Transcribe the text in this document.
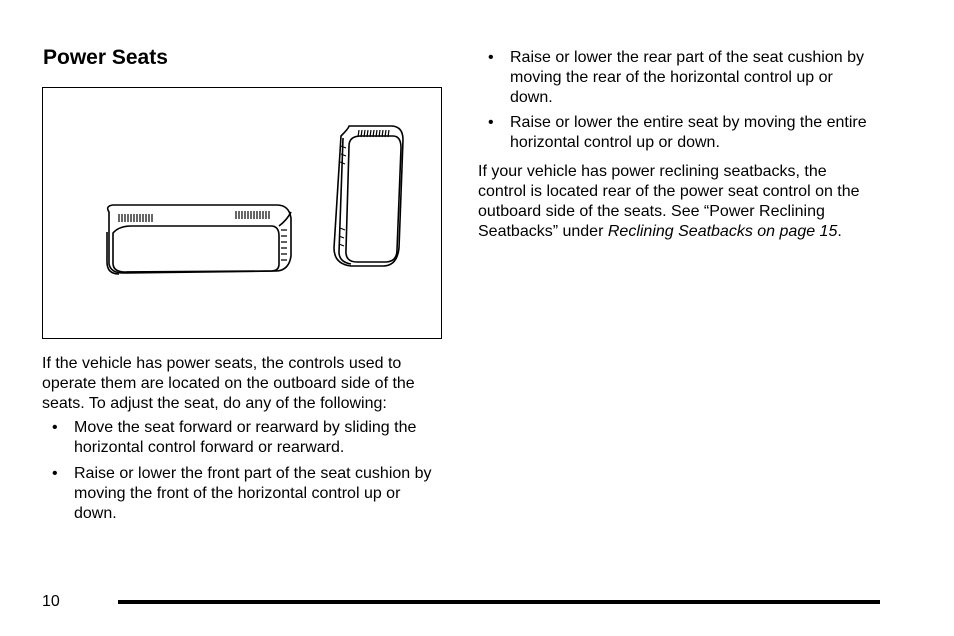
Power Seats

If the vehicle has power seats, the controls used to operate them are located on the outboard side of the seats. To adjust the seat, do any of the following:

• Move the seat forward or rearward by sliding the horizontal control forward or rearward.
• Raise or lower the front part of the seat cushion by moving the front of the horizontal control up or down.
• Raise or lower the rear part of the seat cushion by moving the rear of the horizontal control up or down.
• Raise or lower the entire seat by moving the entire horizontal control up or down.

If your vehicle has power reclining seatbacks, the control is located rear of the power seat control on the outboard side of the seats. See “Power Reclining Seatbacks” under Reclining Seatbacks on page 15.

10
